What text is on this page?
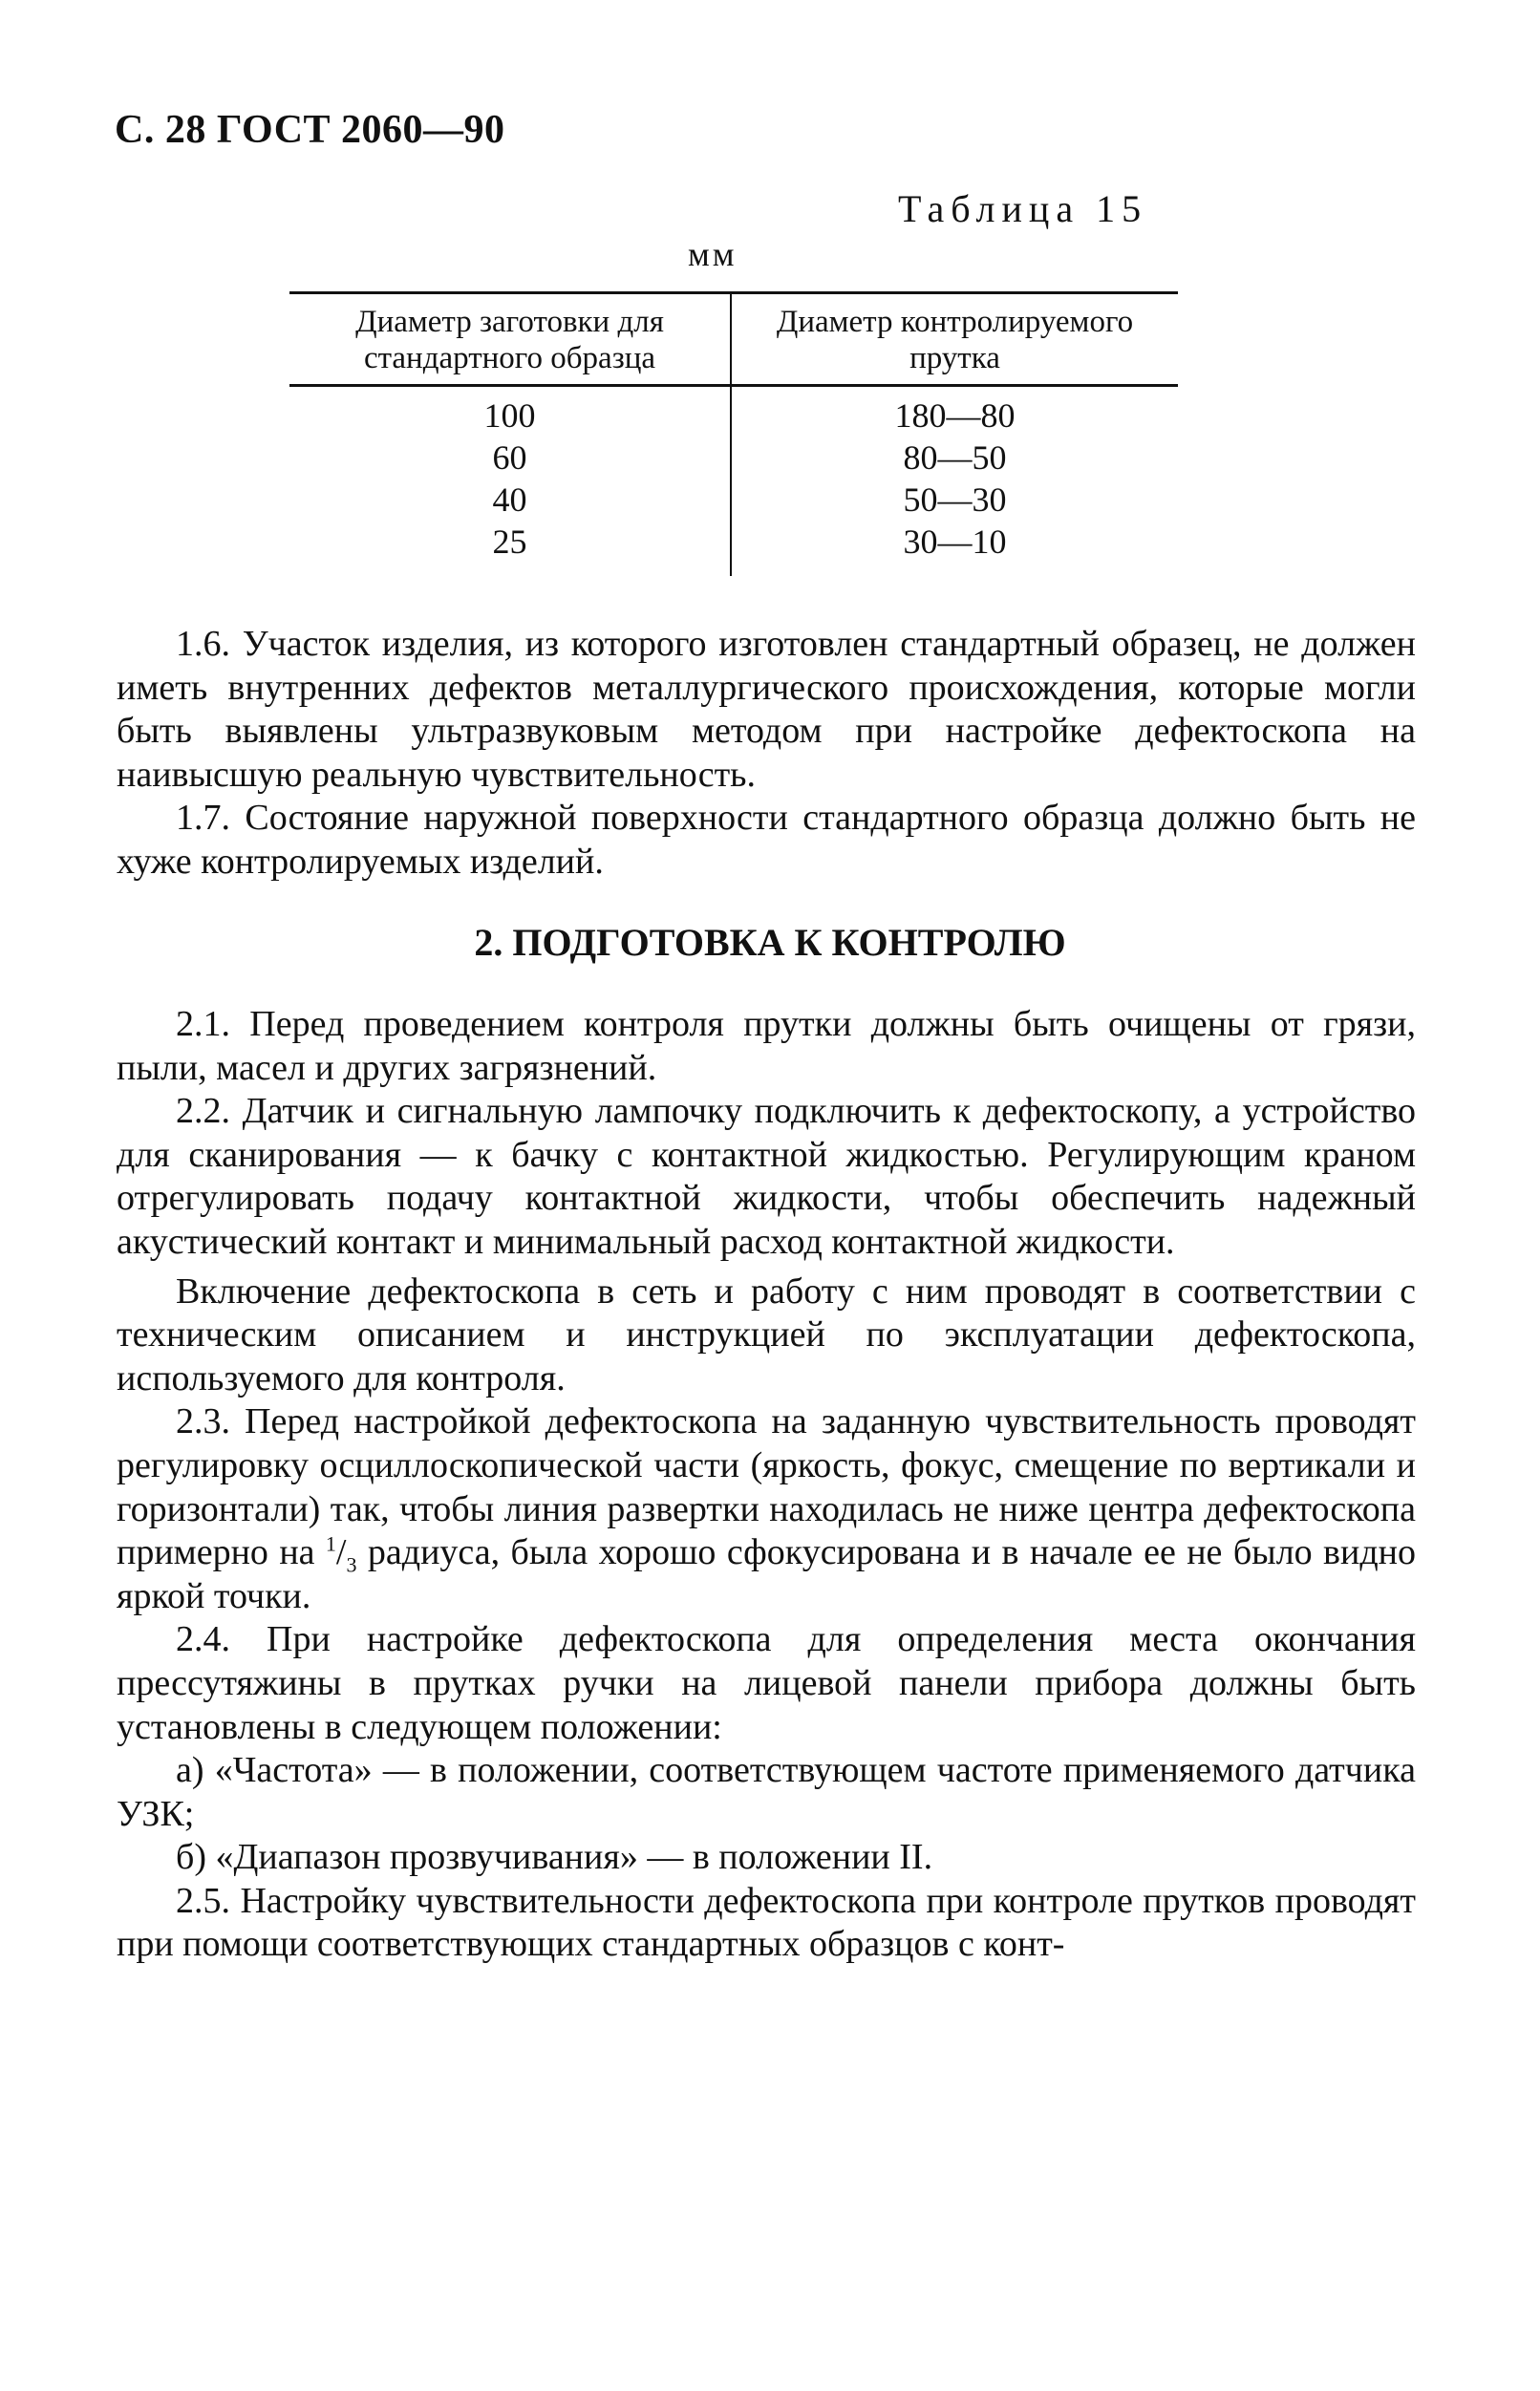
С. 28 ГОСТ 2060—90
Таблица 15
мм
Диаметр заготовки для стандартного образца	Диаметр контролируемого прутка
100	180—80
60	80—50
40	50—30
25	30—10

1.6. Участок изделия, из которого изготовлен стандартный образец, не должен иметь внутренних дефектов металлургического происхождения, которые могли быть выявлены ультразвуковым методом при настройке дефектоскопа на наивысшую реальную чувствительность.

1.7. Состояние наружной поверхности стандартного образца должно быть не хуже контролируемых изделий.

2. ПОДГОТОВКА К КОНТРОЛЮ

2.1. Перед проведением контроля прутки должны быть очищены от грязи, пыли, масел и других загрязнений.

2.2. Датчик и сигнальную лампочку подключить к дефектоскопу, а устройство для сканирования — к бачку с контактной жидкостью. Регулирующим краном отрегулировать подачу контактной жидкости, чтобы обеспечить надежный акустический контакт и минимальный расход контактной жидкости.

Включение дефектоскопа в сеть и работу с ним проводят в соответствии с техническим описанием и инструкцией по эксплуатации дефектоскопа, используемого для контроля.

2.3. Перед настройкой дефектоскопа на заданную чувствительность проводят регулировку осциллоскопической части (яркость, фокус, смещение по вертикали и горизонтали) так, чтобы линия развертки находилась не ниже центра дефектоскопа примерно на $^1/_3$ радиуса, была хорошо сфокусирована и в начале ее не было видно яркой точки.

2.4. При настройке дефектоскопа для определения места окончания прессутяжины в прутках ручки на лицевой панели прибора должны быть установлены в следующем положении:

а) «Частота» — в положении, соответствующем частоте применяемого датчика УЗК;

б) «Диапазон прозвучивания» — в положении II.

2.5. Настройку чувствительности дефектоскопа при контроле прутков проводят при помощи соответствующих стандартных образцов с конт-
